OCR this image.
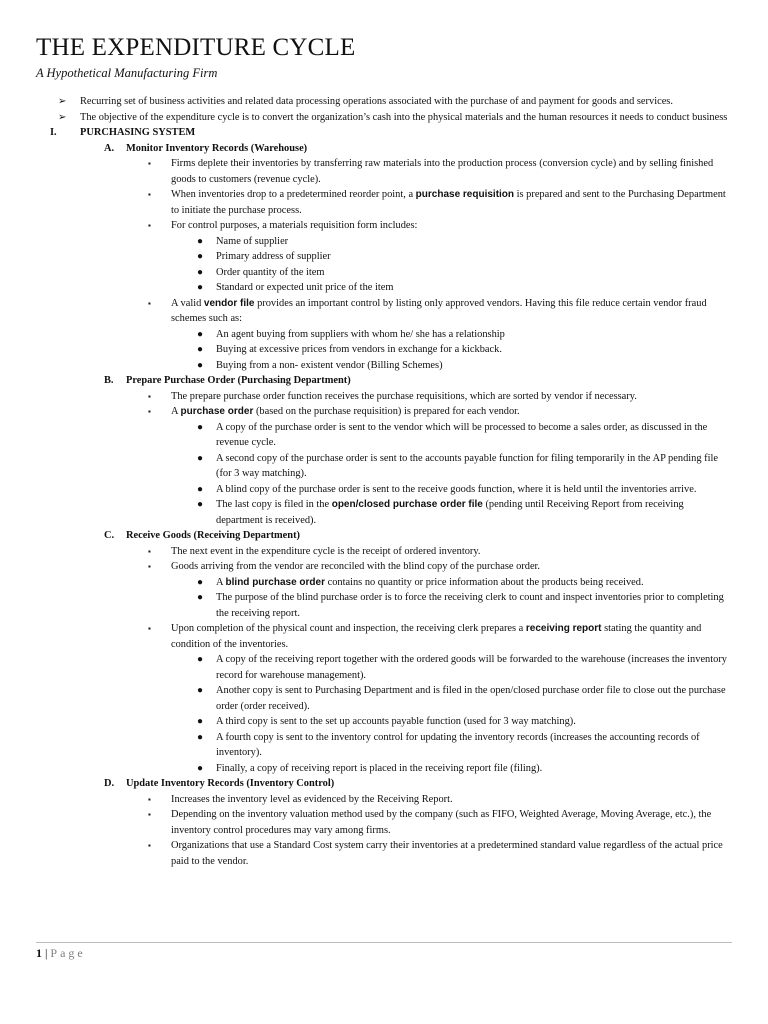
THE EXPENDITURE CYCLE
A Hypothetical Manufacturing Firm
➢ Recurring set of business activities and related data processing operations associated with the purchase of and payment for goods and services.
➢ The objective of the expenditure cycle is to convert the organization’s cash into the physical materials and the human resources it needs to conduct business
I. PURCHASING SYSTEM
A. Monitor Inventory Records (Warehouse)
▪ Firms deplete their inventories by transferring raw materials into the production process (conversion cycle) and by selling finished goods to customers (revenue cycle).
▪ When inventories drop to a predetermined reorder point, a purchase requisition is prepared and sent to the Purchasing Department to initiate the purchase process.
▪ For control purposes, a materials requisition form includes:
● Name of supplier
● Primary address of supplier
● Order quantity of the item
● Standard or expected unit price of the item
▪ A valid vendor file provides an important control by listing only approved vendors. Having this file reduce certain vendor fraud schemes such as:
● An agent buying from suppliers with whom he/ she has a relationship
● Buying at excessive prices from vendors in exchange for a kickback.
● Buying from a non- existent vendor (Billing Schemes)
B. Prepare Purchase Order (Purchasing Department)
▪ The prepare purchase order function receives the purchase requisitions, which are sorted by vendor if necessary.
▪ A purchase order (based on the purchase requisition) is prepared for each vendor.
● A copy of the purchase order is sent to the vendor which will be processed to become a sales order, as discussed in the revenue cycle.
● A second copy of the purchase order is sent to the accounts payable function for filing temporarily in the AP pending file (for 3 way matching).
● A blind copy of the purchase order is sent to the receive goods function, where it is held until the inventories arrive.
● The last copy is filed in the open/closed purchase order file (pending until Receiving Report from receiving department is received).
C. Receive Goods (Receiving Department)
▪ The next event in the expenditure cycle is the receipt of ordered inventory.
▪ Goods arriving from the vendor are reconciled with the blind copy of the purchase order.
● A blind purchase order contains no quantity or price information about the products being received.
● The purpose of the blind purchase order is to force the receiving clerk to count and inspect inventories prior to completing the receiving report.
▪ Upon completion of the physical count and inspection, the receiving clerk prepares a receiving report stating the quantity and condition of the inventories.
● A copy of the receiving report together with the ordered goods will be forwarded to the warehouse (increases the inventory record for warehouse management).
● Another copy is sent to Purchasing Department and is filed in the open/closed purchase order file to close out the purchase order (order received).
● A third copy is sent to the set up accounts payable function (used for 3 way matching).
● A fourth copy is sent to the inventory control for updating the inventory records (increases the accounting records of inventory).
● Finally, a copy of receiving report is placed in the receiving report file (filing).
D. Update Inventory Records (Inventory Control)
▪ Increases the inventory level as evidenced by the Receiving Report.
▪ Depending on the inventory valuation method used by the company (such as FIFO, Weighted Average, Moving Average, etc.), the inventory control procedures may vary among firms.
▪ Organizations that use a Standard Cost system carry their inventories at a predetermined standard value regardless of the actual price paid to the vendor.
1 | Page
